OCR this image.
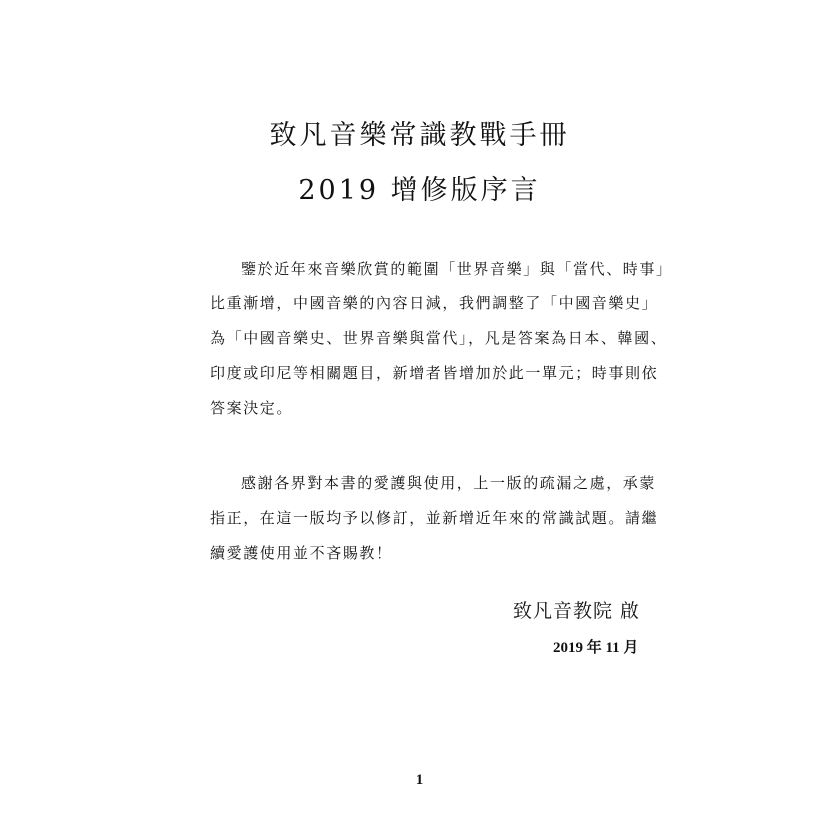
致凡音樂常識教戰手冊
2019 增修版序言
鑒於近年來音樂欣賞的範圍「世界音樂」與「當代、時事」
比重漸增，中國音樂的內容日減，我們調整了「中國音樂史」
為「中國音樂史、世界音樂與當代」，凡是答案為日本、韓國、
印度或印尼等相關題目，新增者皆增加於此一單元；時事則依
答案決定。
感謝各界對本書的愛護與使用，上一版的疏漏之處，承蒙
指正，在這一版均予以修訂，並新增近年來的常識試題。請繼
續愛護使用並不吝賜教！
致凡音教院 啟
2019 年 11 月
1
